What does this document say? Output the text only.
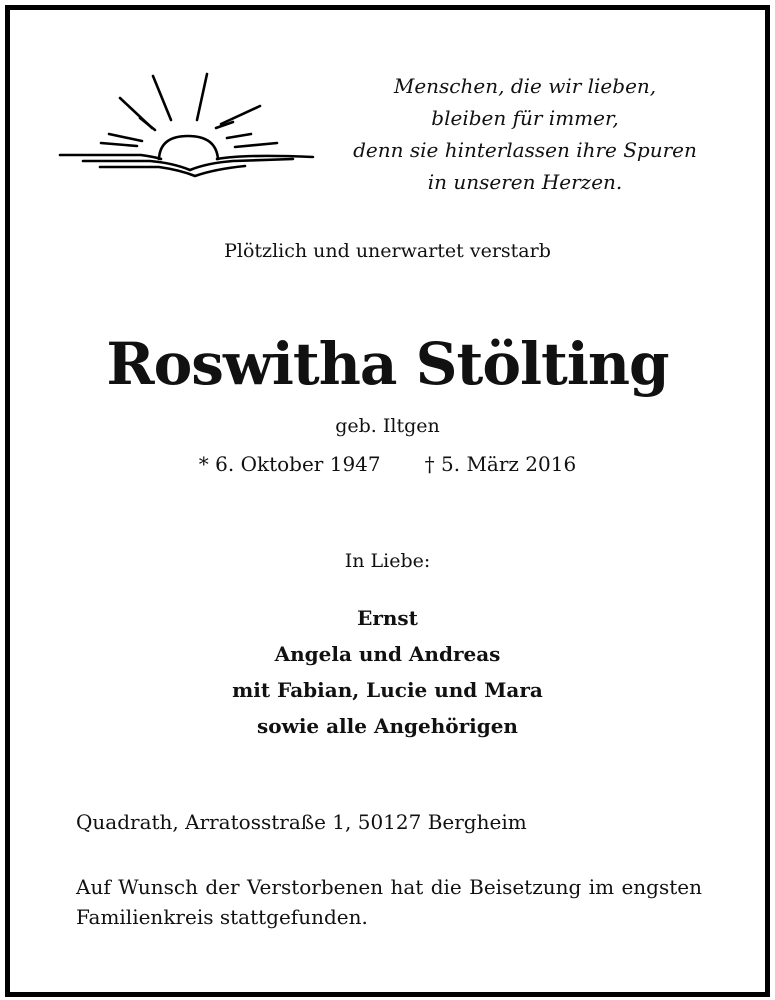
Menschen, die wir lieben,
bleiben für immer,
denn sie hinterlassen ihre Spuren
in unseren Herzen.
Plötzlich und unerwartet verstarb
Roswitha Stölting
geb. Iltgen
* 6. Oktober 1947 † 5. März 2016
In Liebe:
Ernst
Angela und Andreas
mit Fabian, Lucie und Mara
sowie alle Angehörigen
Quadrath, Arratosstraße 1, 50127 Bergheim
Auf Wunsch der Verstorbenen hat die Beisetzung im engsten Familienkreis stattgefunden.
